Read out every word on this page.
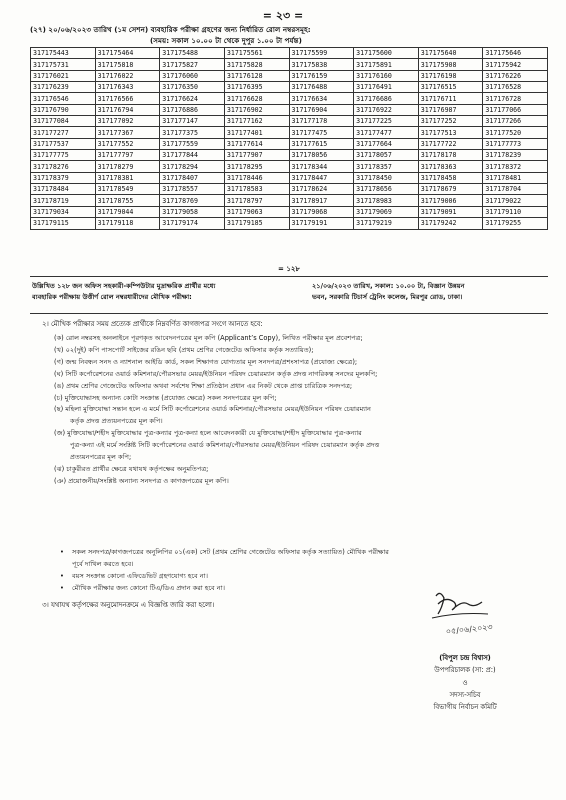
= ২৩ =
(২৭) ২০/০৬/২০২৩ তারিখ (১ম সেশন) ব্যবহারিক পরীক্ষা গ্রহণের জন্য নির্ধারিত রোল নম্বরসমূহ:
(সময়: সকাল ১০.০০ টা থেকে দুপুর ১.০০ টা পর্যন্ত)
317175443	317175464	317175488	317175561	317175599	317175600	317175640	317175646
317175731	317175818	317175827	317175828	317175838	317175891	317175908	317175942
317176021	317176022	317176060	317176128	317176159	317176160	317176198	317176226
317176239	317176343	317176350	317176395	317176488	317176491	317176515	317176528
317176546	317176566	317176624	317176628	317176634	317176686	317176711	317176728
317176790	317176794	317176886	317176902	317176904	317176922	317176987	317177066
317177084	317177092	317177147	317177162	317177178	317177225	317177252	317177266
317177277	317177367	317177375	317177401	317177475	317177477	317177513	317177520
317177537	317177552	317177559	317177614	317177615	317177664	317177722	317177773
317177775	317177797	317177844	317177907	317178056	317178057	317178178	317178239
317178276	317178279	317178294	317178295	317178344	317178357	317178363	317178372
317178379	317178381	317178407	317178446	317178447	317178450	317178458	317178481
317178484	317178549	317178557	317178583	317178624	317178656	317178679	317178704
317178719	317178755	317178769	317178797	317178917	317178983	317179006	317179022
317179034	317179044	317179058	317179063	317179068	317179069	317179091	317179110
317179115	317179118	317179174	317179185	317179191	317179219	317179242	317179255
= ১২৮
উল্লিখিত ১২৮ জন অফিস সহকারী-কম্পিউটার মুদ্রাক্ষরিক প্রার্থীর মধ্যে
ব্যবহারিক পরীক্ষায় উত্তীর্ণ রোল নম্বরধারীদের মৌখিক পরীক্ষা:
২১/০৬/২০২৩ তারিখ, সকাল: ১০.০০ টা, বিজ্ঞান উন্নয়ন
ভবন, সরকারি টিচার্স ট্রেনিং কলেজ, মিরপুর রোড, ঢাকা।
২। মৌখিক পরীক্ষার সময় প্রত্যেক প্রার্থীকে নিম্নবর্ণিত কাগজপত্র সংগে আনতে হবে:
(ক) রোল নম্বরসহ অনলাইনে পূরণকৃত আবেদনপত্রের মূল কপি (Applicant’s Copy), লিখিত পরীক্ষার মূল প্রবেশপত্র;
(খ) ০২(দুই) কপি পাসপোর্ট সাইজের রঙিন ছবি (প্রথম শ্রেণির গেজেটেড অফিসার কর্তৃক সত্যায়িত);
(গ) জন্ম নিবন্ধন সনদ ও ন্যাশনাল আইডি কার্ড, সকল শিক্ষাগত যোগ্যতার মূল সনদপত্র/প্রশংসাপত্র (প্রযোজ্য ক্ষেত্রে);
(ঘ) সিটি কর্পোরেশনের ওয়ার্ড কমিশনার/পৌরসভার মেয়র/ইউনিয়ন পরিষদ চেয়ারম্যান কর্তৃক প্রদত্ত নাগরিকত্ব সনদের মূলকপি;
(ঙ) প্রথম শ্রেণির গেজেটেড অফিসার অথবা সর্বশেষ শিক্ষা প্রতিষ্ঠান প্রধান এর নিকট থেকে প্রাপ্ত চারিত্রিক সনদপত্র;
(চ) মুক্তিযোদ্ধাসহ অন্যান্য কোটা সংক্রান্ত (প্রযোজ্য ক্ষেত্রে) সকল সনদপত্রের মূল কপি;
(ছ) মহিলা মুক্তিযোদ্ধা সন্তান হলে এ মর্মে সিটি কর্পোরেশনের ওয়ার্ড কমিশনার/পৌরসভার মেয়র/ইউনিয়ন পরিষদ চেয়ারম্যান
কর্তৃক প্রদত্ত প্রত্যয়নপত্রের মূল কপি।
(জ) মুক্তিযোদ্ধা/শহীদ মুক্তিযোদ্ধার পুত্র-কন্যার পুত্র-কন্যা হলে আবেদনকারী যে মুক্তিযোদ্ধা/শহীদ মুক্তিযোদ্ধার পুত্র-কন্যার
পুত্র-কন্যা এই মর্মে সংশ্লিষ্ট সিটি কর্পোরেশনের ওয়ার্ড কমিশনার/পৌরসভার মেয়র/ইউনিয়ন পরিষদ চেয়ারম্যান কর্তৃক প্রদত্ত
প্রত্যয়নপত্রের মূল কপি;
(ঝ) চাকুরীরত প্রার্থীর ক্ষেত্রে যথাযথ কর্তৃপক্ষের অনুমতিপত্র;
(ঞ) প্রয়োজনীয়/সংশ্লিষ্ট অন্যান্য সনদপত্র ও কাগজপত্রের মূল কপি।
• সকল সনদপত্র/কাগজপত্রের অনুলিপির ০১(এক) সেট (প্রথম শ্রেণির গেজেটেড অফিসার কর্তৃক সত্যায়িত) মৌখিক পরীক্ষার
পূর্বে দাখিল করতে হবে।
• বয়স সংক্রান্ত কোনো এফিডেভিট গ্রহণযোগ্য হবে না।
• মৌখিক পরীক্ষার জন্য কোনো টিএ/ডিএ প্রদান করা হবে না।
৩। যথাযথ কর্তৃপক্ষের অনুমোদনক্রমে এ বিজ্ঞপ্তি জারি করা হলো।
০৫/০৬/২০২৩
(বিপুল চন্দ্র বিশ্বাস)
উপপরিচালক (সা: প্র:)
ও
সদস্য-সচিব
বিভাগীয় নির্বাচন কমিটি
